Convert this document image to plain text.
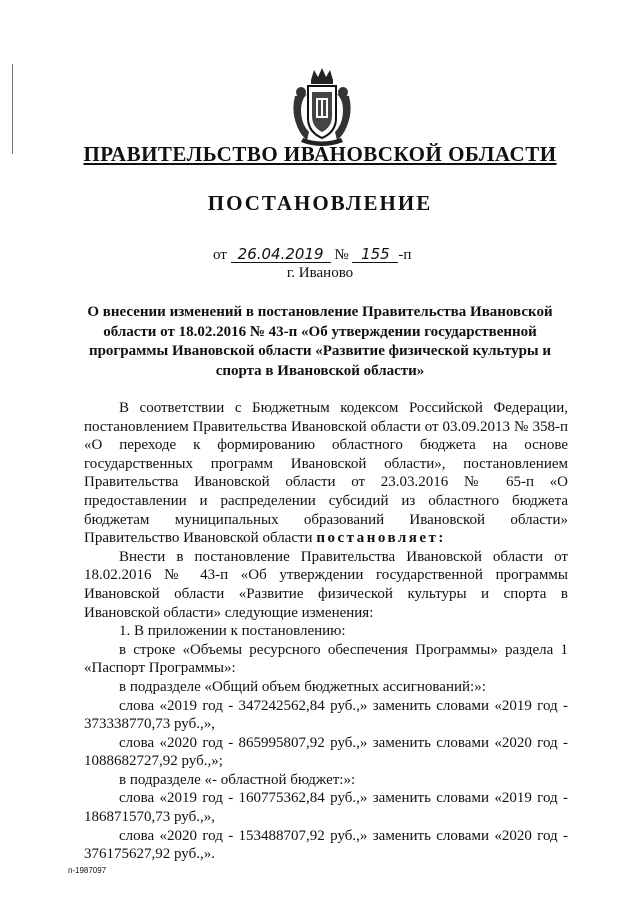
ПРАВИТЕЛЬСТВО ИВАНОВСКОЙ ОБЛАСТИ
ПОСТАНОВЛЕНИЕ
от 26.04.2019 № 155 -п
г. Иваново
О внесении изменений в постановление Правительства Ивановской области от 18.02.2016 № 43-п «Об утверждении государственной программы Ивановской области «Развитие физической культуры и спорта в Ивановской области»

В соответствии с Бюджетным кодексом Российской Федерации, постановлением Правительства Ивановской области от 03.09.2013 № 358-п «О переходе к формированию областного бюджета на основе государственных программ Ивановской области», постановлением Правительства Ивановской области от 23.03.2016 № 65-п «О предоставлении и распределении субсидий из областного бюджета бюджетам муниципальных образований Ивановской области» Правительство Ивановской области постановляет:

Внести в постановление Правительства Ивановской области от 18.02.2016 № 43-п «Об утверждении государственной программы Ивановской области «Развитие физической культуры и спорта в Ивановской области» следующие изменения:

1. В приложении к постановлению:

в строке «Объемы ресурсного обеспечения Программы» раздела 1 «Паспорт Программы»:

в подразделе «Общий объем бюджетных ассигнований:»:

слова «2019 год - 347242562,84 руб.,» заменить словами «2019 год - 373338770,73 руб.,»,

слова «2020 год - 865995807,92 руб.,» заменить словами «2020 год - 1088682727,92 руб.,»;

в подразделе «- областной бюджет:»:

слова «2019 год - 160775362,84 руб.,» заменить словами «2019 год - 186871570,73 руб.,»,

слова «2020 год - 153488707,92 руб.,» заменить словами «2020 год - 376175627,92 руб.,».

п-1987097
